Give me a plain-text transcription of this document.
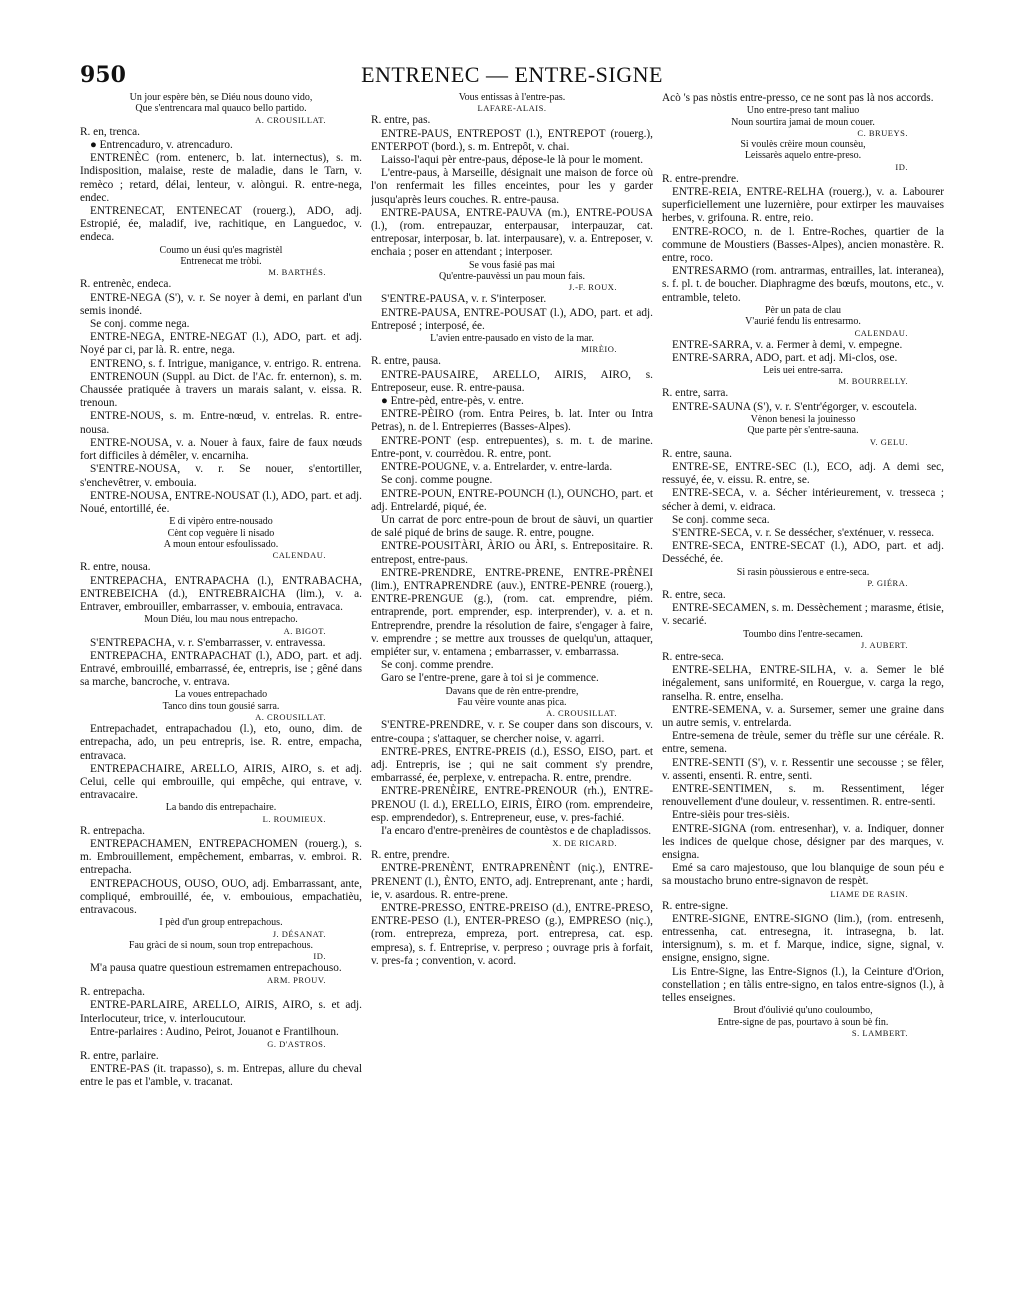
950	ENTRENEC — ENTRE-SIGNE

Un jour espère bèn, se Diéu nous douno vido,

Que s'entrencara mal quauco bello partido.

A. CROUSILLAT.

R. en, trenca.

● Entrencaduro, v. atrencaduro.

ENTRENÈC (rom. entenerc, b. lat. internectus), s. m. Indisposition, malaise, reste de maladie, dans le Tarn, v. remèco ; retard, délai, lenteur, v. alòngui. R. entre-nega, endec.

ENTRENECAT, ENTENECAT (rouerg.), ADO, adj. Estropié, ée, maladif, ive, rachitique, en Languedoc, v. endeca.

Coumo un éusi qu'es magristèl

Entrenecat me tròbi.

M. BARTHÉS.

R. entrenèc, endeca.

ENTRE-NEGA (S'), v. r. Se noyer à demi, en parlant d'un semis inondé.

Se conj. comme nega.

ENTRE-NEGA, ENTRE-NEGAT (l.), ADO, part. et adj. Noyé par ci, par là. R. entre, nega.

ENTRENO, s. f. Intrigue, manigance, v. entrigo. R. entrena.

ENTRENOUN (Suppl. au Dict. de l'Ac. fr. enternon), s. m. Chaussée pratiquée à travers un marais salant, v. eissa. R. trenoun.

ENTRE-NOUS, s. m. Entre-nœud, v. entrelas. R. entre-nousa.

ENTRE-NOUSA, v. a. Nouer à faux, faire de faux nœuds fort difficiles à démêler, v. encarniha.

S'ENTRE-NOUSA, v. r. Se nouer, s'entortiller, s'enchevêtrer, v. embouia.

ENTRE-NOUSA, ENTRE-NOUSAT (l.), ADO, part. et adj. Noué, entortillé, ée.

E di vipèro entre-nousado

Cènt cop veguère li nisado

A moun entour esfoulissado.

CALENDAU.

R. entre, nousa.

ENTREPACHA, ENTRAPACHA (l.), ENTRABACHA, ENTREBEICHA (d.), ENTREBRAICHA (lim.), v. a. Entraver, embrouiller, embarrasser, v. embouia, entravaca.

Moun Diéu, lou mau nous entrepacho.

A. BIGOT.

S'ENTREPACHA, v. r. S'embarrasser, v. entravessa.

ENTREPACHA, ENTRAPACHAT (l.), ADO, part. et adj. Entravé, embrouillé, embarrassé, ée, entrepris, ise ; gêné dans sa marche, bancroche, v. entrava.

La voues entrepachado

Tanco dins toun gousié sarra.

A. CROUSILLAT.

Entrepachadet, entrapachadou (l.), eto, ouno, dim. de entrepacha, ado, un peu entrepris, ise. R. entre, empacha, entravaca.

ENTREPACHAIRE, ARELLO, AIRIS, AIRO, s. et adj. Celui, celle qui embrouille, qui empêche, qui entrave, v. entravacaire.

La bando dis entrepachaire.

L. ROUMIEUX.

R. entrepacha.

ENTREPACHAMEN, ENTREPACHOMEN (rouerg.), s. m. Embrouillement, empêchement, embarras, v. embroi. R. entrepacha.

ENTREPACHOUS, OUSO, OUO, adj. Embarrassant, ante, compliqué, embrouillé, ée, v. embouious, empachatièu, entravacous.

I pèd d'un group entrepachous.

J. DÉSANAT.

Fau gràci de si noum, soun trop entrepachous.

ID.

M'a pausa quatre questioun estremamen entrepachouso.

ARM. PROUV.

R. entrepacha.

ENTRE-PARLAIRE, ARELLO, AIRIS, AIRO, s. et adj. Interlocuteur, trice, v. interloucutour.

Entre-parlaires : Audino, Peirot, Jouanot e Frantilhoun.

G. D'ASTROS.

R. entre, parlaire.

ENTRE-PAS (it. trapasso), s. m. Entrepas, allure du cheval entre le pas et l'amble, v. tracanat.

Vous entissas à l'entre-pas.

LAFARE-ALAIS.

R. entre, pas.

ENTRE-PAUS, ENTREPOST (l.), ENTREPOT (rouerg.), ENTERPOT (bord.), s. m. Entrepôt, v. chai.

Laisso-l'aqui pèr entre-paus, dépose-le là pour le moment.

L'entre-paus, à Marseille, désignait une maison de force où l'on renfermait les filles enceintes, pour les y garder jusqu'après leurs couches. R. entre-pausa.

ENTRE-PAUSA, ENTRE-PAUVA (m.), ENTRE-POUSA (l.), (rom. entrepauzar, enterpausar, interpauzar, cat. entreposar, interposar, b. lat. interpausare), v. a. Entreposer, v. enchaia ; poser en attendant ; interposer.

Se vous fasié pas mai

Qu'entre-pauvèssi un pau moun fais.

J.-F. ROUX.

S'ENTRE-PAUSA, v. r. S'interposer.

ENTRE-PAUSA, ENTRE-POUSAT (l.), ADO, part. et adj. Entreposé ; interposé, ée.

L'avien entre-pausado en visto de la mar.

MIRÈIO.

R. entre, pausa.

ENTRE-PAUSAIRE, ARELLO, AIRIS, AIRO, s. Entreposeur, euse. R. entre-pausa.

● Entre-pèd, entre-pès, v. entre.

ENTRE-PÈIRO (rom. Entra Peires, b. lat. Inter ou Intra Petras), n. de l. Entrepierres (Basses-Alpes).

ENTRE-PONT (esp. entrepuentes), s. m. t. de marine. Entre-pont, v. courrèdou. R. entre, pont.

ENTRE-POUGNE, v. a. Entrelarder, v. entre-larda.

Se conj. comme pougne.

ENTRE-POUN, ENTRE-POUNCH (l.), OUNCHO, part. et adj. Entrelardé, piqué, ée.

Un carrat de porc entre-poun de brout de sàuvi, un quartier de salé piqué de brins de sauge. R. entre, pougne.

ENTRE-POUSITÀRI, ÀRIO ou ÀRI, s. Entrepositaire. R. entrepost, entre-paus.

ENTRE-PRENDRE, ENTRE-PRENE, ENTRE-PRÈNEI (lim.), ENTRAPRENDRE (auv.), ENTRE-PENRE (rouerg.), ENTRE-PRENGUE (g.), (rom. cat. emprendre, piém. entraprende, port. emprender, esp. interprender), v. a. et n. Entreprendre, prendre la résolution de faire, s'engager à faire, v. emprendre ; se mettre aux trousses de quelqu'un, attaquer, empiéter sur, v. entamena ; embarrasser, v. embarrassa.

Se conj. comme prendre.

Garo se l'entre-prene, gare à toi si je commence.

Davans que de rèn entre-prendre,

Fau vèire vounte anas pica.

A. CROUSILLAT.

S'ENTRE-PRENDRE, v. r. Se couper dans son discours, v. entre-coupa ; s'attaquer, se chercher noise, v. agarri.

ENTRE-PRES, ENTRE-PREIS (d.), ESSO, EISO, part. et adj. Entrepris, ise ; qui ne sait comment s'y prendre, embarrassé, ée, perplexe, v. entrepacha. R. entre, prendre.

ENTRE-PRENÈIRE, ENTRE-PRENOUR (rh.), ENTRE-PRENOU (l. d.), ERELLO, EIRIS, ÈIRO (rom. emprendeire, esp. emprendedor), s. Entrepreneur, euse, v. pres-fachié.

I'a encaro d'entre-prenèires de countèstos e de chapladissos.

X. DE RICARD.

R. entre, prendre.

ENTRE-PRENÈNT, ENTRAPRENÈNT (niç.), ENTRE-PRENENT (l.), ÈNTO, ENTO, adj. Entreprenant, ante ; hardi, ie, v. asardous. R. entre-prene.

ENTRE-PRESSO, ENTRE-PREISO (d.), ENTRE-PRESO, ENTRE-PESO (l.), ENTER-PRESO (g.), EMPRESO (niç.), (rom. entrepreza, empreza, port. entrepresa, cat. esp. empresa), s. f. Entreprise, v. perpreso ; ouvrage pris à forfait, v. pres-fa ; convention, v. acord.

Acò 's pas nòstis entre-presso, ce ne sont pas là nos accords.

Uno entre-preso tant maliuo

Noun sourtira jamai de moun couer.

C. BRUEYS.

Si voulès crèire moun counsèu,

Leissarès aquelo entre-preso.

ID.

R. entre-prendre.

ENTRE-REIA, ENTRE-RELHA (rouerg.), v. a. Labourer superficiellement une luzernière, pour extirper les mauvaises herbes, v. grifouna. R. entre, reio.

ENTRE-ROCO, n. de l. Entre-Roches, quartier de la commune de Moustiers (Basses-Alpes), ancien monastère. R. entre, roco.

ENTRESARMO (rom. antrarmas, entrailles, lat. interanea), s. f. pl. t. de boucher. Diaphragme des bœufs, moutons, etc., v. entramble, teleto.

Pèr un pata de clau

V'aurié fendu lis entresarmo.

CALENDAU.

ENTRE-SARRA, v. a. Fermer à demi, v. empegne.

ENTRE-SARRA, ADO, part. et adj. Mi-clos, ose.

Leis uei entre-sarra.

M. BOURRELLY.

R. entre, sarra.

ENTRE-SAUNA (S'), v. r. S'entr'égorger, v. escoutela.

Vènon benesi la jouinesso

Que parte pèr s'entre-sauna.

V. GELU.

R. entre, sauna.

ENTRE-SE, ENTRE-SEC (l.), ECO, adj. A demi sec, ressuyé, ée, v. eissu. R. entre, se.

ENTRE-SECA, v. a. Sécher intérieurement, v. tresseca ; sécher à demi, v. eidraca.

Se conj. comme seca.

S'ENTRE-SECA, v. r. Se dessécher, s'exténuer, v. resseca.

ENTRE-SECA, ENTRE-SECAT (l.), ADO, part. et adj. Desséché, ée.

Si rasin pòussierous e entre-seca.

P. GIÉRA.

R. entre, seca.

ENTRE-SECAMEN, s. m. Dessèchement ; marasme, étisie, v. secarié.

Toumbo dins l'entre-secamen.

J. AUBERT.

R. entre-seca.

ENTRE-SELHA, ENTRE-SILHA, v. a. Semer le blé inégalement, sans uniformité, en Rouergue, v. carga la rego, ranselha. R. entre, enselha.

ENTRE-SEMENA, v. a. Sursemer, semer une graine dans un autre semis, v. entrelarda.

Entre-semena de trèule, semer du trèfle sur une céréale. R. entre, semena.

ENTRE-SENTI (S'), v. r. Ressentir une secousse ; se fêler, v. assenti, ensenti. R. entre, senti.

ENTRE-SENTIMEN, s. m. Ressentiment, léger renouvellement d'une douleur, v. ressentimen. R. entre-senti.

Entre-sièis pour tres-sièis.

ENTRE-SIGNA (rom. entresenhar), v. a. Indiquer, donner les indices de quelque chose, désigner par des marques, v. ensigna.

Emé sa caro majestouso, que lou blanquige de soun péu e sa moustacho bruno entre-signavon de respèt.

LIAME DE RASIN.

R. entre-signe.

ENTRE-SIGNE, ENTRE-SIGNO (lim.), (rom. entresenh, entressenha, cat. entresegna, it. intrasegna, b. lat. intersignum), s. m. et f. Marque, indice, signe, signal, v. ensigne, ensigno, signe.

Lis Entre-Signe, las Entre-Signos (l.), la Ceinture d'Orion, constellation ; en tàlis entre-signo, en talos entre-signos (l.), à telles enseignes.

Brout d'óulivié qu'uno couloumbo,

Entre-signe de pas, pourtavo à soun bè fin.

S. LAMBERT.
